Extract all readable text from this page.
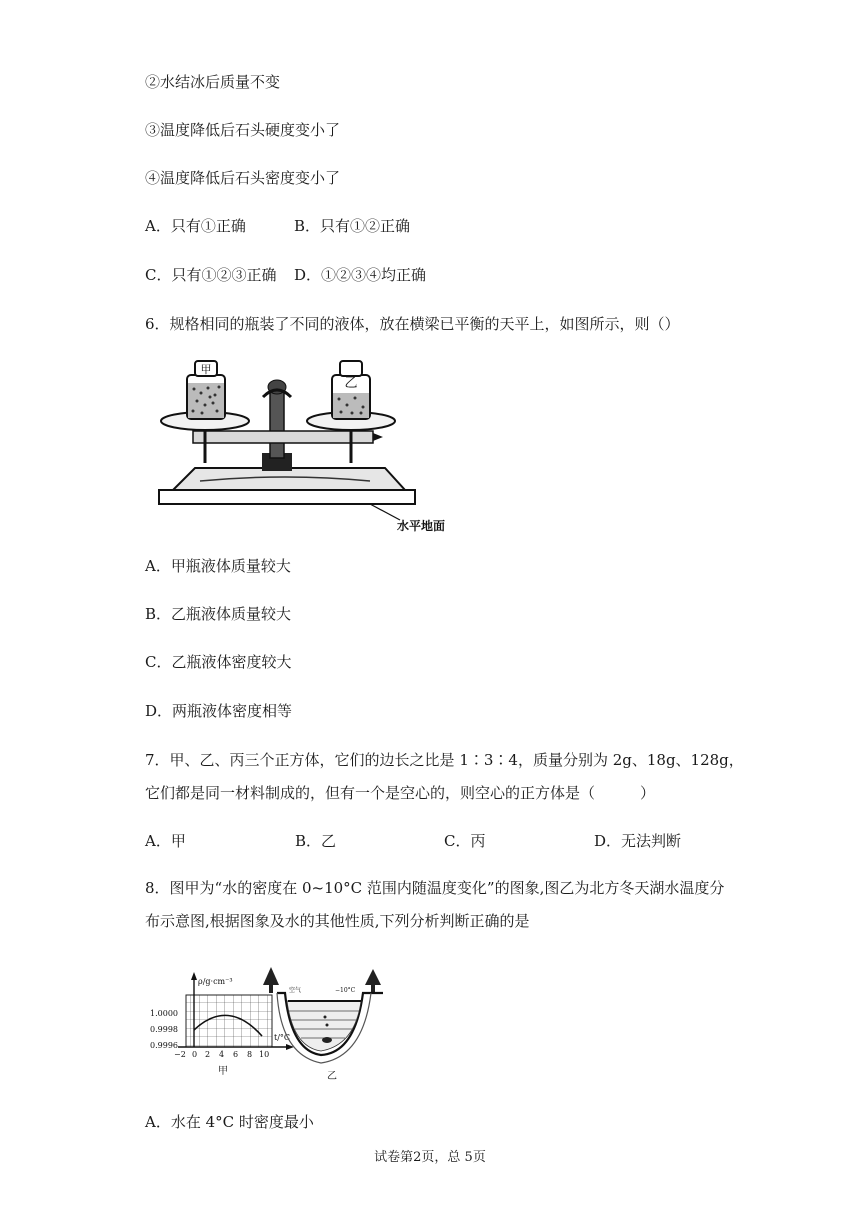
②水结冰后质量不变
③温度降低后石头硬度变小了
④温度降低后石头密度变小了
A．只有①正确	B．只有①②正确
C．只有①②③正确 D．①②③④均正确
6．规格相同的瓶装了不同的液体，放在横梁已平衡的天平上，如图所示，则（）
甲
乙
水平地面
A．甲瓶液体质量较大
B．乙瓶液体质量较大
C．乙瓶液体密度较大
D．两瓶液体密度相等
7．甲、乙、丙三个正方体，它们的边长之比是 1∶3∶4，质量分别为 2g、18g、128g，
它们都是同一材料制成的，但有一个是空心的，则空心的正方体是（　　　）
A．甲	B．乙	C．丙	D．无法判断
8．图甲为“水的密度在 0~10°C 范围内随温度变化”的图象,图乙为北方冬天湖水温度分
布示意图,根据图象及水的其他性质,下列分析判断正确的是
ρ/g·cm⁻³
1.0000
0.9998
0.9996
−2 0 2 4 6 8 10
t/°C
甲
空气	−10°C
乙
A．水在 4°C 时密度最小
试卷第2页，总 5页
